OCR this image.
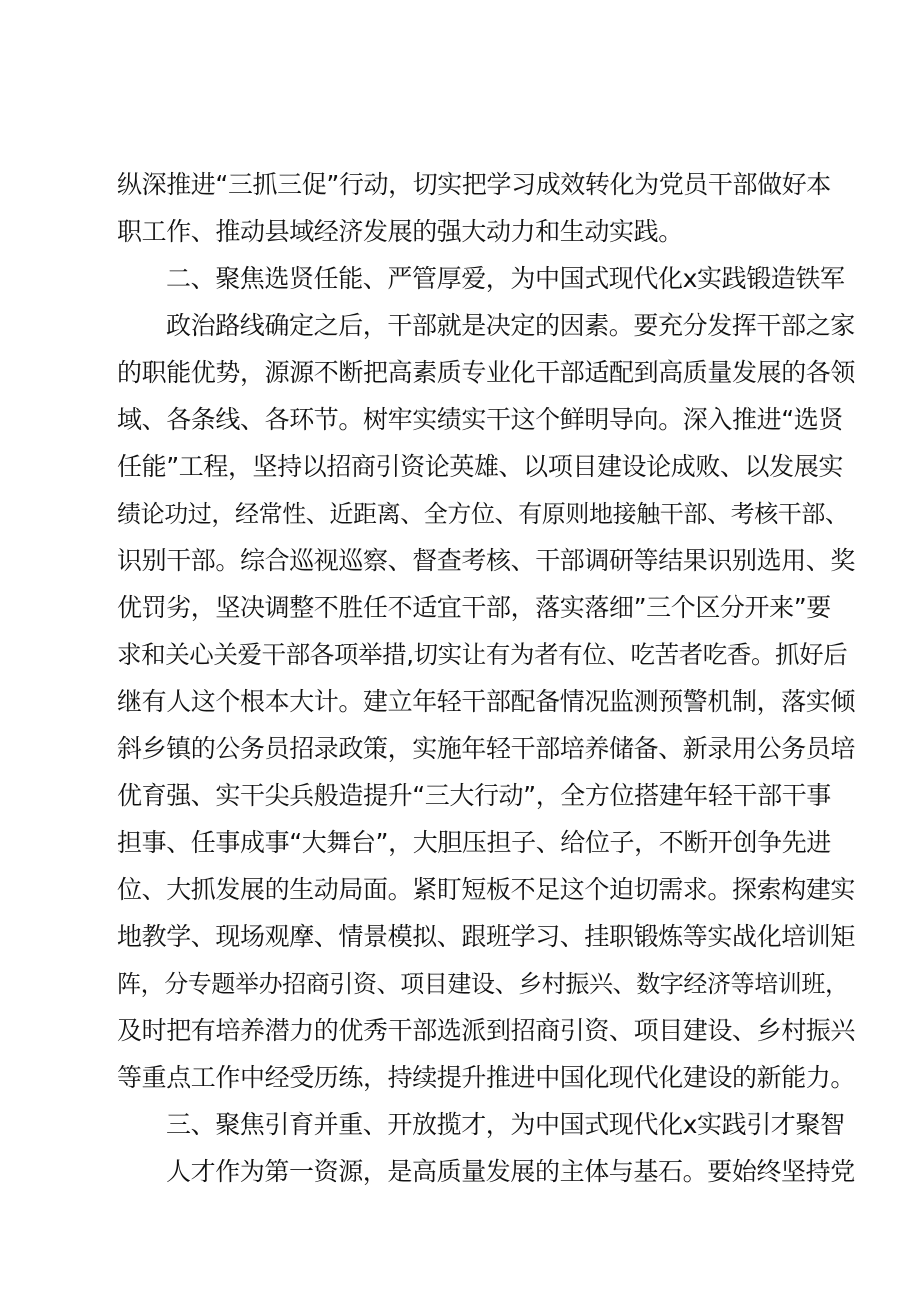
纵深推进“三抓三促”行动，切实把学习成效转化为党员干部做好本
职工作、推动县域经济发展的强大动力和生动实践。
二、聚焦选贤任能、严管厚爱，为中国式现代化x实践锻造铁军
政治路线确定之后，干部就是决定的因素。要充分发挥干部之家
的职能优势，源源不断把高素质专业化干部适配到高质量发展的各领
域、各条线、各环节。树牢实绩实干这个鲜明导向。深入推进“选贤
任能”工程，坚持以招商引资论英雄、以项目建设论成败、以发展实
绩论功过，经常性、近距离、全方位、有原则地接触干部、考核干部、
识别干部。综合巡视巡察、督查考核、干部调研等结果识别选用、奖
优罚劣，坚决调整不胜任不适宜干部，落实落细”三个区分开来”要
求和关心关爱干部各项举措,切实让有为者有位、吃苦者吃香。抓好后
继有人这个根本大计。建立年轻干部配备情况监测预警机制，落实倾
斜乡镇的公务员招录政策，实施年轻干部培养储备、新录用公务员培
优育强、实干尖兵般造提升“三大行动”，全方位搭建年轻干部干事
担事、任事成事“大舞台”，大胆压担子、给位子，不断开创争先进
位、大抓发展的生动局面。紧盯短板不足这个迫切需求。探索构建实
地教学、现场观摩、情景模拟、跟班学习、挂职锻炼等实战化培训矩
阵，分专题举办招商引资、项目建设、乡村振兴、数字经济等培训班，
及时把有培养潜力的优秀干部选派到招商引资、项目建设、乡村振兴
等重点工作中经受历练，持续提升推进中国化现代化建设的新能力。
三、聚焦引育并重、开放揽才，为中国式现代化x实践引才聚智
人才作为第一资源，是高质量发展的主体与基石。要始终坚持党
